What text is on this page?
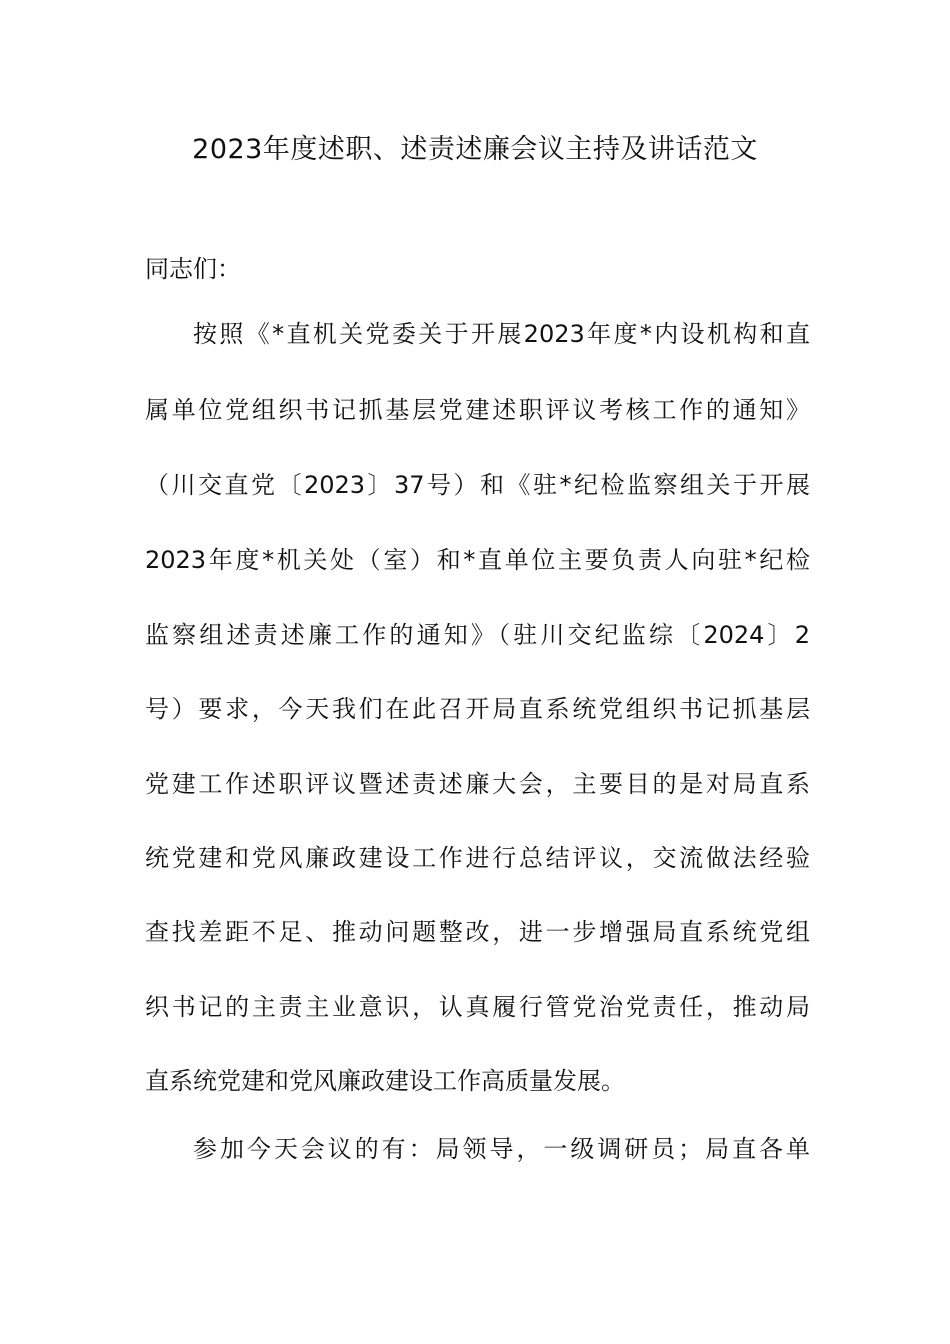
2023年度述职、述责述廉会议主持及讲话范文
同志们：
按照《*直机关党委关于开展2023年度*内设机构和直
属单位党组织书记抓基层党建述职评议考核工作的通知》
（川交直党〔2023〕37号）和《驻*纪检监察组关于开展
2023年度*机关处（室）和*直单位主要负责人向驻*纪检
监察组述责述廉工作的通知》（驻川交纪监综〔2024〕2
号）要求，今天我们在此召开局直系统党组织书记抓基层
党建工作述职评议暨述责述廉大会，主要目的是对局直系
统党建和党风廉政建设工作进行总结评议，交流做法经验
查找差距不足、推动问题整改，进一步增强局直系统党组
织书记的主责主业意识，认真履行管党治党责任，推动局
直系统党建和党风廉政建设工作高质量发展。
参加今天会议的有：局领导，一级调研员；局直各单
